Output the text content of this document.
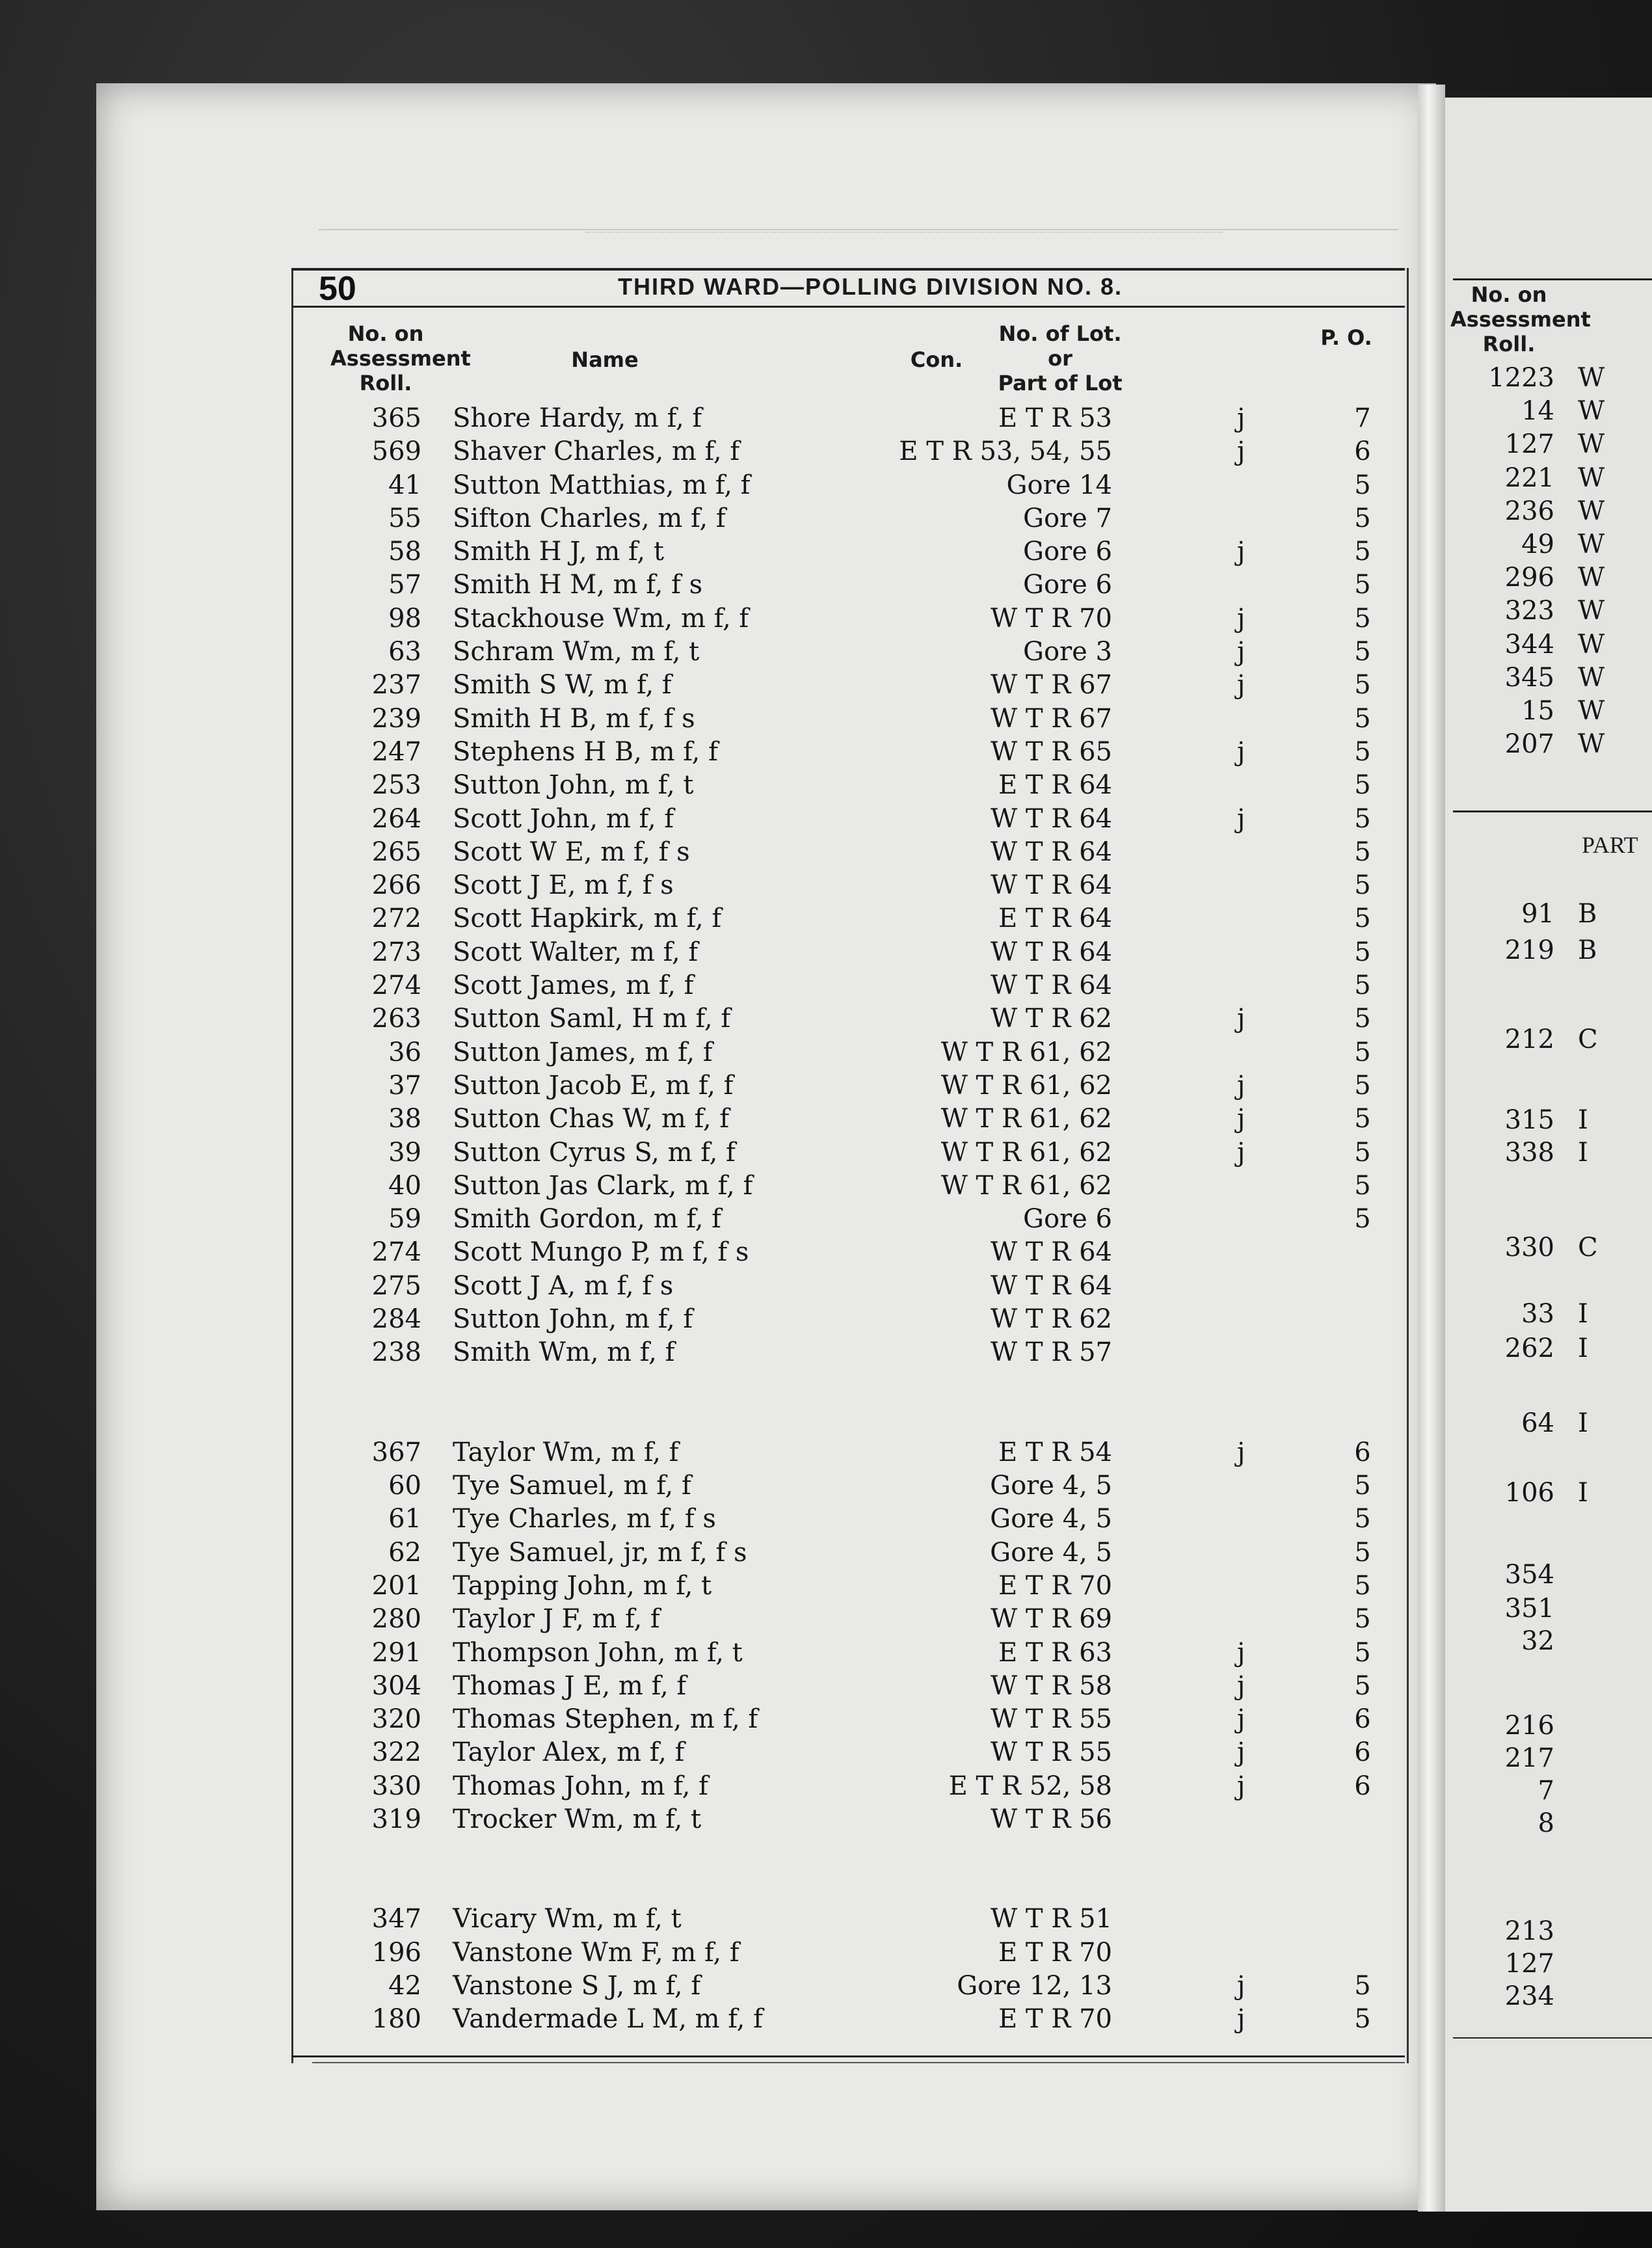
50	THIRD WARD—POLLING DIVISION NO. 8.
No. on
Assessment
Roll.
Name	Con.
No. of Lot.
or
Part of Lot
P. O.
365 Shore Hardy, m f, f	E T R 53	j	7
569 Shaver Charles, m f, f	E T R 53, 54, 55	j	6
41 Sutton Matthias, m f, f	Gore 14	5
55 Sifton Charles, m f, f	Gore 7	5
58 Smith H J, m f, t	Gore 6	j	5
57 Smith H M, m f, f s	Gore 6	5
98 Stackhouse Wm, m f, f	W T R 70	j	5
63 Schram Wm, m f, t	Gore 3	j	5
237 Smith S W, m f, f	W T R 67	j	5
239 Smith H B, m f, f s	W T R 67	5
247 Stephens H B, m f, f	W T R 65	j	5
253 Sutton John, m f, t	E T R 64	5
264 Scott John, m f, f	W T R 64	j	5
265 Scott W E, m f, f s	W T R 64	5
266 Scott J E, m f, f s	W T R 64	5
272 Scott Hapkirk, m f, f	E T R 64	5
273 Scott Walter, m f, f	W T R 64	5
274 Scott James, m f, f	W T R 64	5
263 Sutton Saml, H m f, f	W T R 62	j	5
36 Sutton James, m f, f	W T R 61, 62	5
37 Sutton Jacob E, m f, f	W T R 61, 62	j	5
38 Sutton Chas W, m f, f	W T R 61, 62	j	5
39 Sutton Cyrus S, m f, f	W T R 61, 62	j	5
40 Sutton Jas Clark, m f, f	W T R 61, 62	5
59 Smith Gordon, m f, f	Gore 6	5
274 Scott Mungo P, m f, f s	W T R 64
275 Scott J A, m f, f s	W T R 64
284 Sutton John, m f, f	W T R 62
238 Smith Wm, m f, f	W T R 57
367 Taylor Wm, m f, f	E T R 54	j	6
60 Tye Samuel, m f, f	Gore 4, 5	5
61 Tye Charles, m f, f s	Gore 4, 5	5
62 Tye Samuel, jr, m f, f s	Gore 4, 5	5
201 Tapping John, m f, t	E T R 70	5
280 Taylor J F, m f, f	W T R 69	5
291 Thompson John, m f, t	E T R 63	j	5
304 Thomas J E, m f, f	W T R 58	j	5
320 Thomas Stephen, m f, f	W T R 55	j	6
322 Taylor Alex, m f, f	W T R 55	j	6
330 Thomas John, m f, f	E T R 52, 58	j	6
319 Trocker Wm, m f, t	W T R 56
347 Vicary Wm, m f, t	W T R 51
196 Vanstone Wm F, m f, f	E T R 70
42 Vanstone S J, m f, f	Gore 12, 13	j	5
180 Vandermade L M, m f, f	E T R 70	j	5
No. on
Assessment
Roll.
1223 W
14 W
127 W
221 W
236 W
49 W
296 W
323 W
344 W
345 W
15 W
207 W
91 B
219 B
212 C
315 I
338 I
330 C
33 I
262 I
64 I
106 I
354
351
32
216
217
7
8
213
127
234
PART
